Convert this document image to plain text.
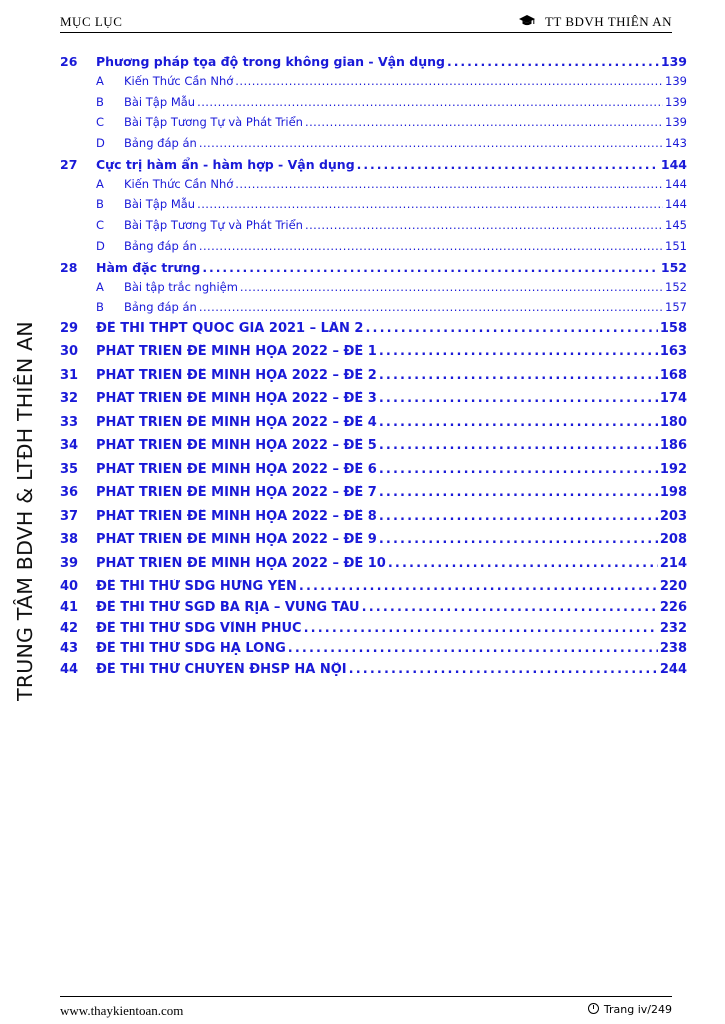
MỤC LỤC	TT BDVH THIÊN AN
TRUNG TÂM BDVH & LTĐH THIÊN AN
26	Phương pháp tọa độ trong không gian - Vận dụng . . .	139
A	Kiến Thức Cần Nhớ . . .	139
B	Bài Tập Mẫu . . .	139
C	Bài Tập Tương Tự và Phát Triển . . .	139
D	Bảng đáp án . . .	143
27	Cực trị hàm ẩn - hàm hợp - Vận dụng . . .	144
A	Kiến Thức Cần Nhớ . . .	144
B	Bài Tập Mẫu . . .	144
C	Bài Tập Tương Tự và Phát Triển . . .	145
D	Bảng đáp án . . .	151
28	Hàm đặc trưng . . .	152
A	Bài tập trắc nghiệm . . .	152
B	Bảng đáp án . . .	157
29	ĐỀ THI THPT QUỐC GIA 2021 – LẦN 2 . . .	158
30	PHÁT TRIỂN ĐỀ MINH HỌA 2022 – ĐỀ 1 . . .	163
31	PHÁT TRIỂN ĐỀ MINH HỌA 2022 – ĐỀ 2 . . .	168
32	PHÁT TRIỂN ĐỀ MINH HỌA 2022 – ĐỀ 3 . . .	174
33	PHÁT TRIỂN ĐỀ MINH HỌA 2022 – ĐỀ 4 . . .	180
34	PHÁT TRIỂN ĐỀ MINH HỌA 2022 – ĐỀ 5 . . .	186
35	PHÁT TRIỂN ĐỀ MINH HỌA 2022 – ĐỀ 6 . . .	192
36	PHÁT TRIỂN ĐỀ MINH HỌA 2022 – ĐỀ 7 . . .	198
37	PHÁT TRIỂN ĐỀ MINH HỌA 2022 – ĐỀ 8 . . .	203
38	PHÁT TRIỂN ĐỀ MINH HỌA 2022 – ĐỀ 9 . . .	208
39	PHÁT TRIỂN ĐỀ MINH HỌA 2022 – ĐỀ 10 . . .	214
40	ĐỀ THI THỬ SDG HƯNG YÊN . . .	220
41	ĐỀ THI THỬ SGD BÀ RỊA – VŨNG TÀU . . .	226
42	ĐỀ THI THỬ SDG VĨNH PHÚC . . .	232
43	ĐỀ THI THỬ SDG HẠ LONG . . .	238
44	ĐỀ THI THỬ CHUYÊN ĐHSP HÀ NỘI . . .	244
www.thaykientoan.com	Trang iv/249
